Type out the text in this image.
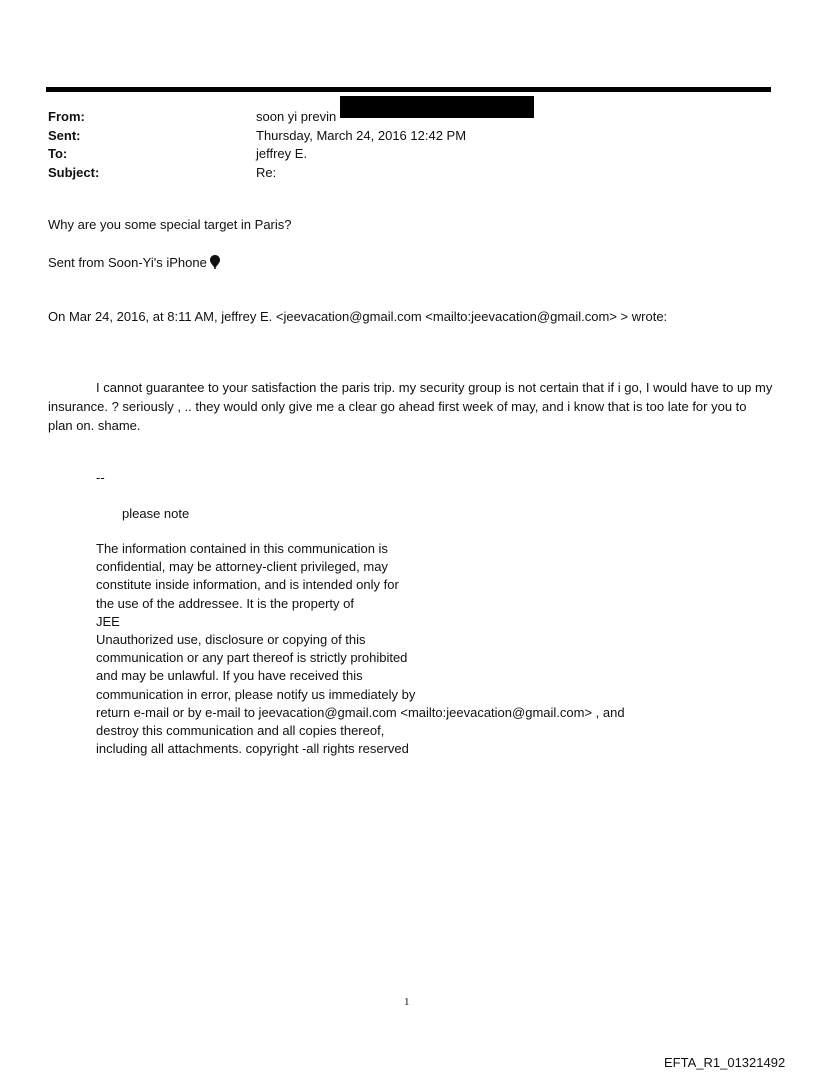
From:	soon yi previn
Sent:	Thursday, March 24, 2016 12:42 PM
To:	jeffrey E.
Subject:	Re:
Why are you some special target in Paris?
Sent from Soon-Yi's iPhone
On Mar 24, 2016, at 8:11 AM, jeffrey E. <jeevacation@gmail.com <mailto:jeevacation@gmail.com> > wrote:
I cannot guarantee to your satisfaction the paris trip. my security group is not certain that if i go, I would have to up my insurance. ? seriously , .. they would only give me a clear go ahead first week of may, and i know that is too late for you to plan on. shame.
--
please note
The information contained in this communication is
confidential, may be attorney-client privileged, may
constitute inside information, and is intended only for
the use of the addressee. It is the property of
JEE
Unauthorized use, disclosure or copying of this
communication or any part thereof is strictly prohibited
and may be unlawful. If you have received this
communication in error, please notify us immediately by
return e-mail or by e-mail to jeevacation@gmail.com <mailto:jeevacation@gmail.com> , and
destroy this communication and all copies thereof,
including all attachments. copyright -all rights reserved
1
EFTA_R1_01321492
